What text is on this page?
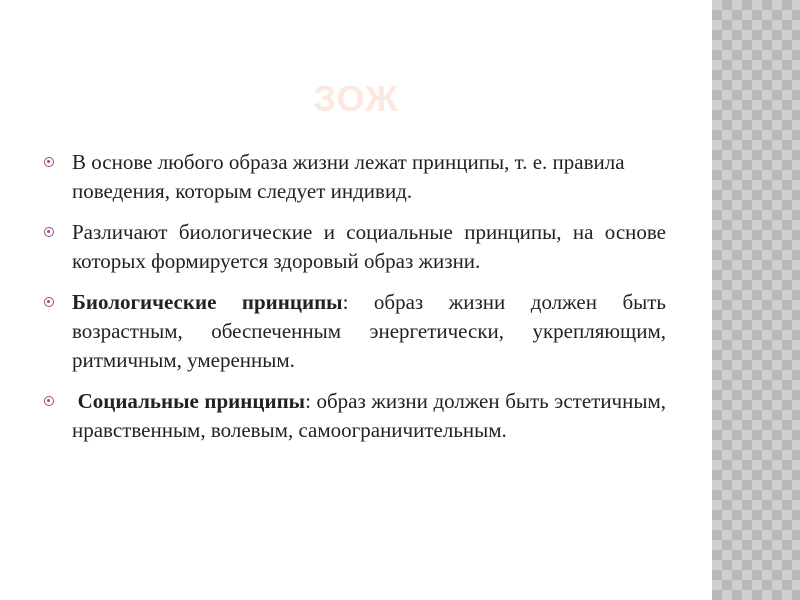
ЗОЖ
В основе любого образа жизни лежат принципы, т. е. правила поведения, которым следует индивид.
Различают биологические и социальные принципы, на основе которых формируется здоровый образ жизни.
Биологические принципы: образ жизни должен быть возрастным, обеспеченным энергетически, укрепляющим, ритмичным, умеренным.
Социальные принципы: образ жизни должен быть эстетичным, нравственным, волевым, самоограничительным.
